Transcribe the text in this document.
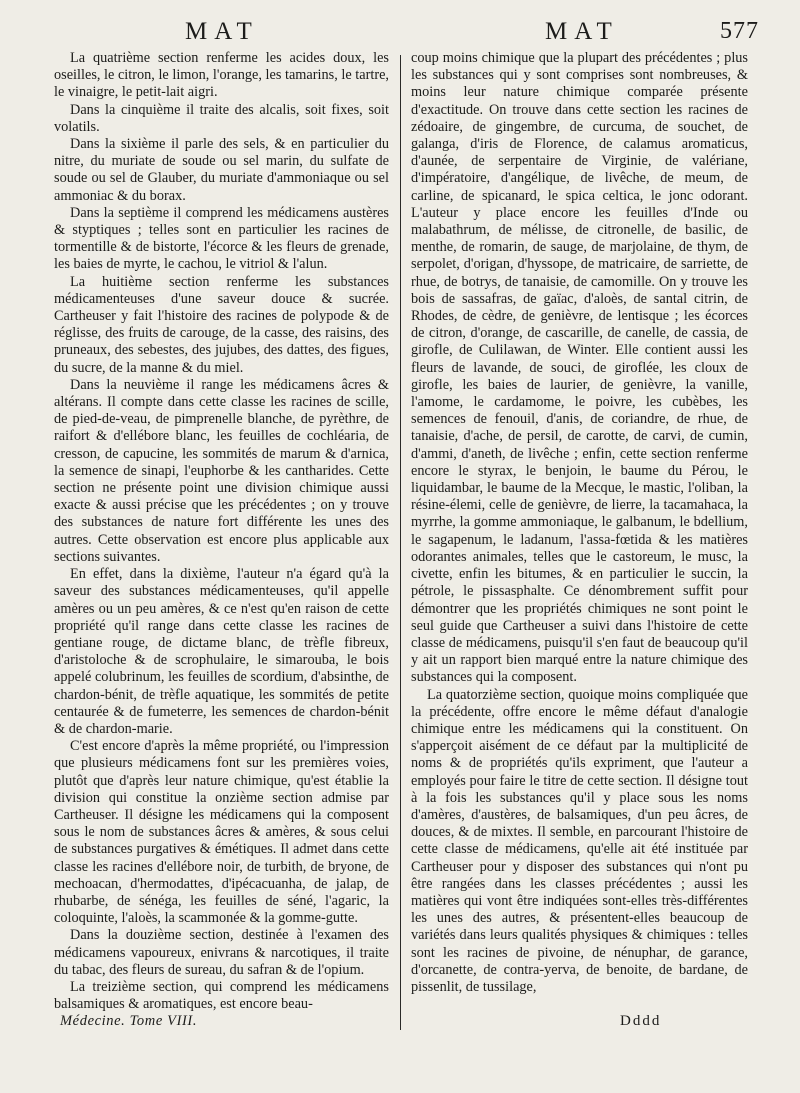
MAT	MAT	577

La quatrième section renferme les acides doux, les oseilles, le citron, le limon, l'orange, les tamarins, le tartre, le vinaigre, le petit-lait aigri.

Dans la cinquième il traite des alcalis, soit fixes, soit volatils.

Dans la sixième il parle des sels, & en particulier du nitre, du muriate de soude ou sel marin, du sulfate de soude ou sel de Glauber, du muriate d'ammoniaque ou sel ammoniac & du borax.

Dans la septième il comprend les médicamens austères & styptiques ; telles sont en particulier les racines de tormentille & de bistorte, l'écorce & les fleurs de grenade, les baies de myrte, le cachou, le vitriol & l'alun.

La huitième section renferme les substances médicamenteuses d'une saveur douce & sucrée. Cartheuser y fait l'histoire des racines de polypode & de réglisse, des fruits de carouge, de la casse, des raisins, des pruneaux, des sebestes, des jujubes, des dattes, des figues, du sucre, de la manne & du miel.

Dans la neuvième il range les médicamens âcres & altérans. Il compte dans cette classe les racines de scille, de pied-de-veau, de pimprenelle blanche, de pyrèthre, de raifort & d'ellébore blanc, les feuilles de cochléaria, de cresson, de capucine, les sommités de marum & d'arnica, la semence de sinapi, l'euphorbe & les cantharides. Cette section ne présente point une division chimique aussi exacte & aussi précise que les précédentes ; on y trouve des substances de nature fort différente les unes des autres. Cette observation est encore plus applicable aux sections suivantes.

En effet, dans la dixième, l'auteur n'a égard qu'à la saveur des substances médicamenteuses, qu'il appelle amères ou un peu amères, & ce n'est qu'en raison de cette propriété qu'il range dans cette classe les racines de gentiane rouge, de dictame blanc, de trèfle fibreux, d'aristoloche & de scrophulaire, le simarouba, le bois appelé colubrinum, les feuilles de scordium, d'absinthe, de chardon-bénit, de trèfle aquatique, les sommités de petite centaurée & de fumeterre, les semences de chardon-bénit & de chardon-marie.

C'est encore d'après la même propriété, ou l'impression que plusieurs médicamens font sur les premières voies, plutôt que d'après leur nature chimique, qu'est établie la division qui constitue la onzième section admise par Cartheuser. Il désigne les médicamens qui la composent sous le nom de substances âcres & amères, & sous celui de substances purgatives & émétiques. Il admet dans cette classe les racines d'ellébore noir, de turbith, de bryone, de mechoacan, d'hermodattes, d'ipécacuanha, de jalap, de rhubarbe, de sénéga, les feuilles de séné, l'agaric, la coloquinte, l'aloès, la scammonée & la gomme-gutte.

Dans la douzième section, destinée à l'examen des médicamens vapoureux, enivrans & narcotiques, il traite du tabac, des fleurs de sureau, du safran & de l'opium.

La treizième section, qui comprend les médicamens balsamiques & aromatiques, est encore beau-

coup moins chimique que la plupart des précédentes ; plus les substances qui y sont comprises sont nombreuses, & moins leur nature chimique comparée présente d'exactitude. On trouve dans cette section les racines de zédoaire, de gingembre, de curcuma, de souchet, de galanga, d'iris de Florence, de calamus aromaticus, d'aunée, de serpentaire de Virginie, de valériane, d'impératoire, d'angélique, de livêche, de meum, de carline, de spicanard, le spica celtica, le jonc odorant. L'auteur y place encore les feuilles d'Inde ou malabathrum, de mélisse, de citronelle, de basilic, de menthe, de romarin, de sauge, de marjolaine, de thym, de serpolet, d'origan, d'hyssope, de matricaire, de sarriette, de rhue, de botrys, de tanaisie, de camomille. On y trouve les bois de sassafras, de gaïac, d'aloès, de santal citrin, de Rhodes, de cèdre, de genièvre, de lentisque ; les écorces de citron, d'orange, de cascarille, de canelle, de cassia, de girofle, de Culilawan, de Winter. Elle contient aussi les fleurs de lavande, de souci, de giroflée, les cloux de girofle, les baies de laurier, de genièvre, la vanille, l'amome, le cardamome, le poivre, les cubèbes, les semences de fenouil, d'anis, de coriandre, de rhue, de tanaisie, d'ache, de persil, de carotte, de carvi, de cumin, d'ammi, d'aneth, de livêche ; enfin, cette section renferme encore le styrax, le benjoin, le baume du Pérou, le liquidambar, le baume de la Mecque, le mastic, l'oliban, la résine-élemi, celle de genièvre, de lierre, la tacamahaca, la myrrhe, la gomme ammoniaque, le galbanum, le bdellium, le sagapenum, le ladanum, l'assa-fœtida & les matières odorantes animales, telles que le castoreum, le musc, la civette, enfin les bitumes, & en particulier le succin, la pétrole, le pissasphalte. Ce dénombrement suffit pour démontrer que les propriétés chimiques ne sont point le seul guide que Cartheuser a suivi dans l'histoire de cette classe de médicamens, puisqu'il s'en faut de beaucoup qu'il y ait un rapport bien marqué entre la nature chimique des substances qui la composent.

La quatorzième section, quoique moins compliquée que la précédente, offre encore le même défaut d'analogie chimique entre les médicamens qui la constituent. On s'apperçoit aisément de ce défaut par la multiplicité de noms & de propriétés qu'ils expriment, que l'auteur a employés pour faire le titre de cette section. Il désigne tout à la fois les substances qu'il y place sous les noms d'amères, d'austères, de balsamiques, d'un peu âcres, de douces, & de mixtes. Il semble, en parcourant l'histoire de cette classe de médicamens, qu'elle ait été instituée par Cartheuser pour y disposer des substances qui n'ont pu être rangées dans les classes précédentes ; aussi les matières qui vont être indiquées sont-elles très-différentes les unes des autres, & présentent-elles beaucoup de variétés dans leurs qualités physiques & chimiques : telles sont les racines de pivoine, de nénuphar, de garance, d'orcanette, de contra-yerva, de benoite, de bardane, de pissenlit, de tussilage,

Médecine. Tome VIII.	Dddd
